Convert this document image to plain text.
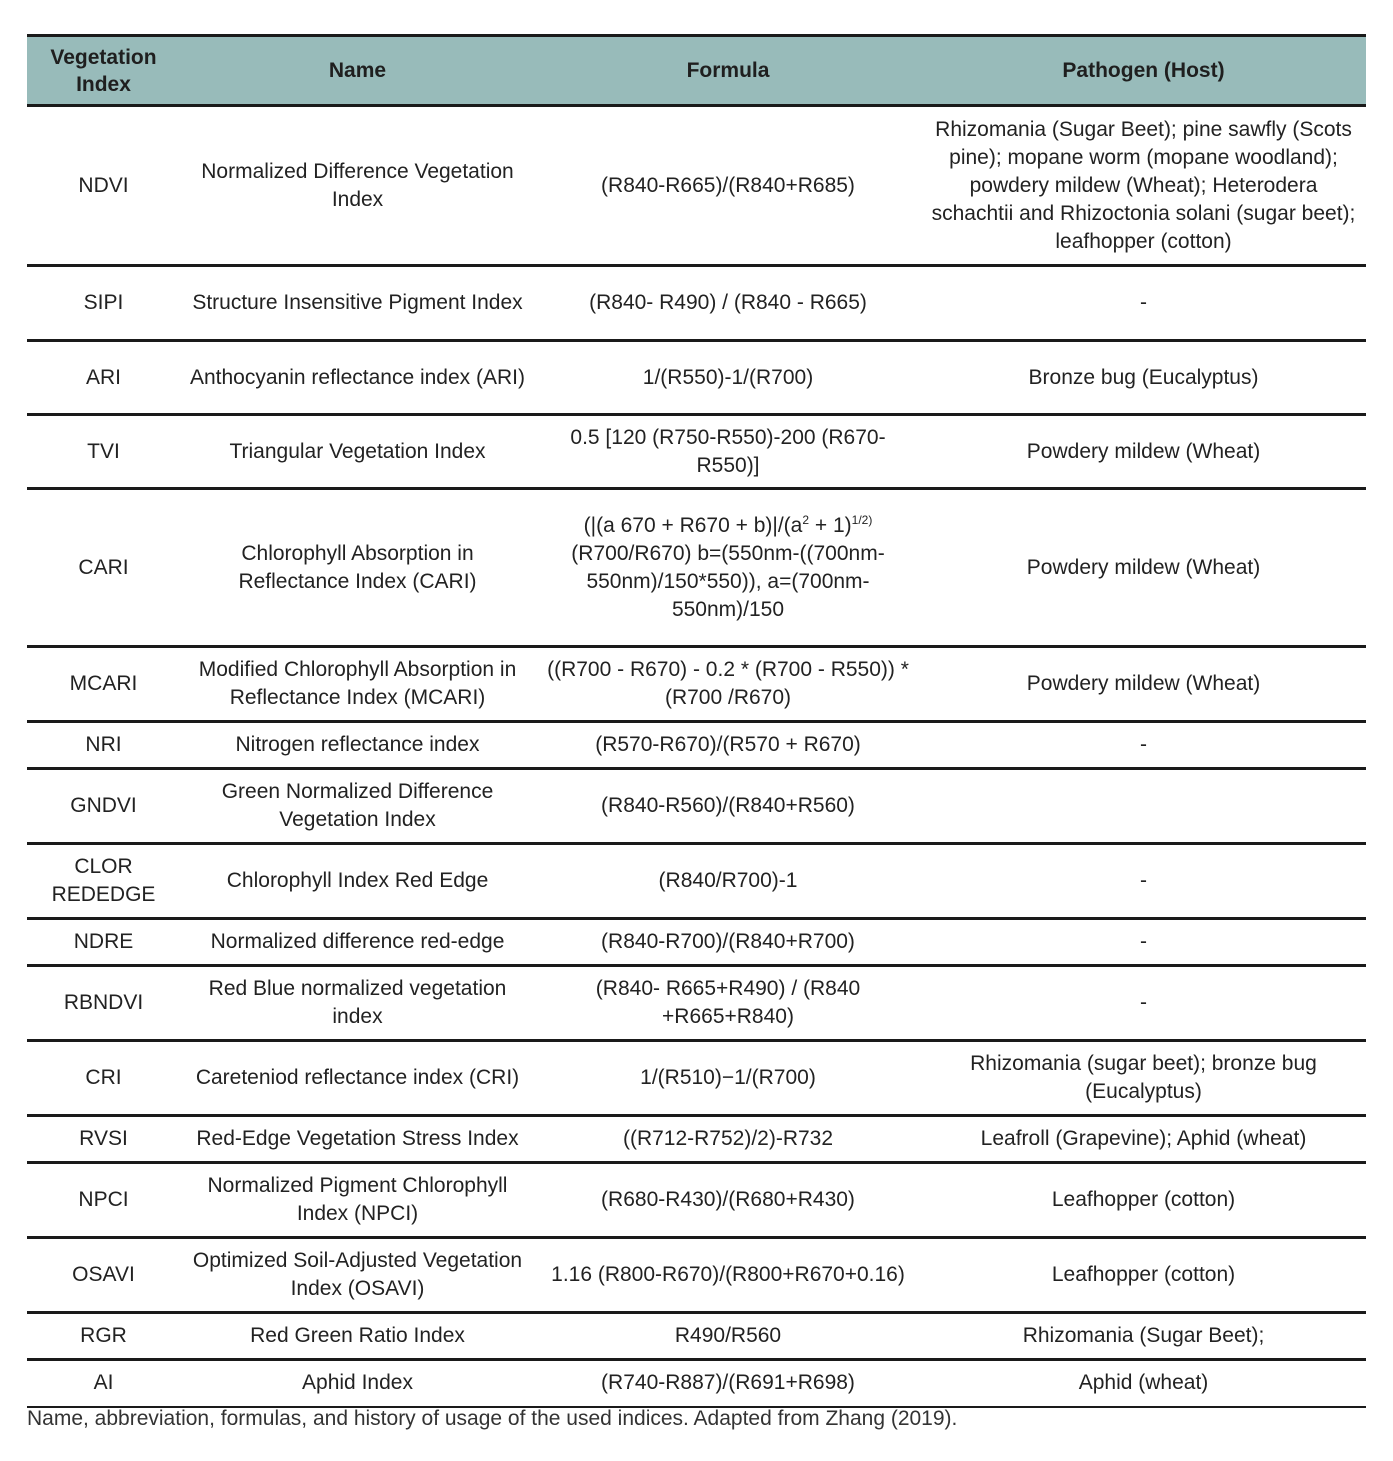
Vegetation Index	Name	Formula	Pathogen (Host)
NDVI	Normalized Difference Vegetation Index	(R840-R665)/(R840+R685)	Rhizomania (Sugar Beet); pine sawfly (Scots pine); mopane worm (mopane woodland); powdery mildew (Wheat); Heterodera schachtii and Rhizoctonia solani (sugar beet); leafhopper (cotton)
SIPI	Structure Insensitive Pigment Index	(R840- R490) / (R840 - R665)	-
ARI	Anthocyanin reflectance index (ARI)	1/(R550)-1/(R700)	Bronze bug (Eucalyptus)
TVI	Triangular Vegetation Index	0.5 [120 (R750-R550)-200 (R670-R550)]	Powdery mildew (Wheat)
CARI	Chlorophyll Absorption in Reflectance Index (CARI)	(|(a $670 + R670 + b)|/(a^2 + 1)^{1/2)}$ (R700/R670) b=(550nm-((700nm-550nm)/150*550)), a=(700nm-550nm)/150	Powdery mildew (Wheat)
MCARI	Modified Chlorophyll Absorption in Reflectance Index (MCARI)	((R700 - R670) - 0.2 * (R700 - R550)) * (R700 /R670)	Powdery mildew (Wheat)
NRI	Nitrogen reflectance index	(R570-R670)/(R570 + R670)	-
GNDVI	Green Normalized Difference Vegetation Index	(R840-R560)/(R840+R560)	
CLOR REDEDGE	Chlorophyll Index Red Edge	(R840/R700)-1	-
NDRE	Normalized difference red-edge	(R840-R700)/(R840+R700)	-
RBNDVI	Red Blue normalized vegetation index	(R840- R665+R490) / (R840 +R665+R840)	-
CRI	Careteniod reflectance index (CRI)	1/(R510)−1/(R700)	Rhizomania (sugar beet); bronze bug (Eucalyptus)
RVSI	Red-Edge Vegetation Stress Index	((R712-R752)/2)-R732	Leafroll (Grapevine); Aphid (wheat)
NPCI	Normalized Pigment Chlorophyll Index (NPCI)	(R680-R430)/(R680+R430)	Leafhopper (cotton)
OSAVI	Optimized Soil-Adjusted Vegetation Index (OSAVI)	1.16 (R800-R670)/(R800+R670+0.16)	Leafhopper (cotton)
RGR	Red Green Ratio Index	R490/R560	Rhizomania (Sugar Beet);
AI	Aphid Index	(R740-R887)/(R691+R698)	Aphid (wheat)
Name, abbreviation, formulas, and history of usage of the used indices. Adapted from Zhang (2019).
